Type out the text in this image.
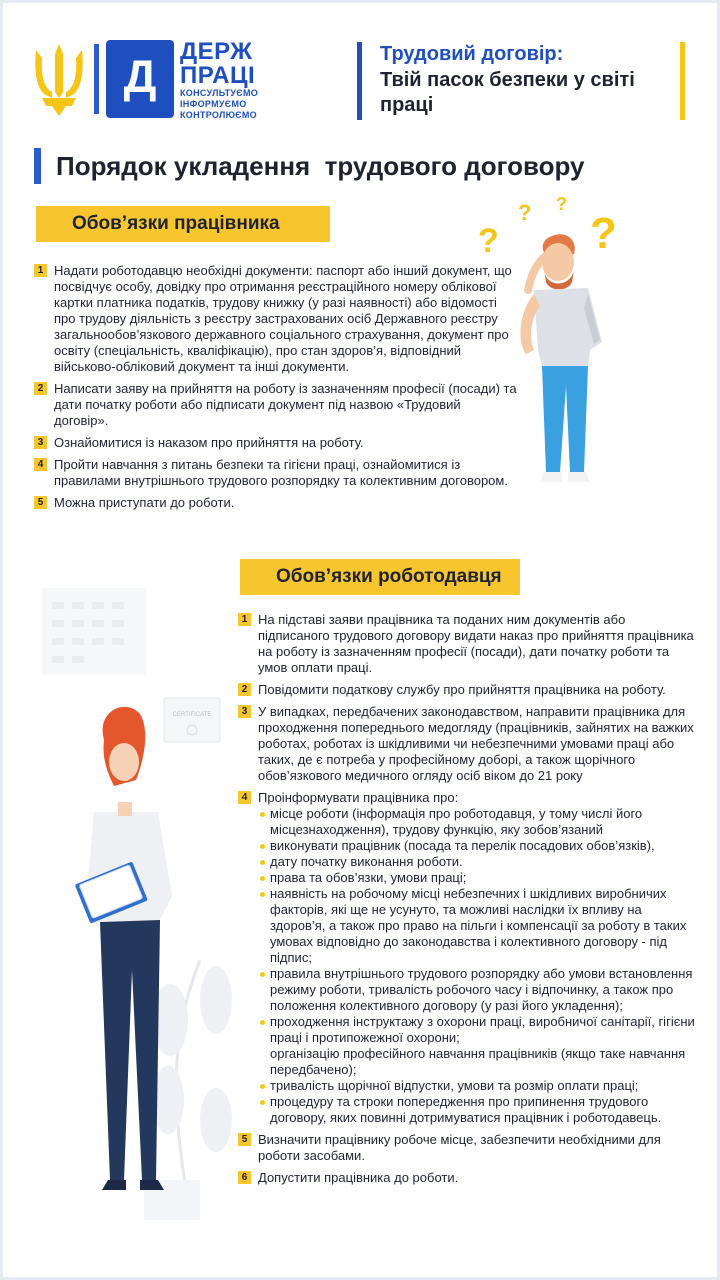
Д ДЕРЖ
ПРАЦІ
КОНСУЛЬТУЄМО
ІНФОРМУЄМО
КОНТРОЛЮЄМО
Трудовий договір:
Твій пасок безпеки у світі праці
Порядок укладення  трудового договору
Обов’язки працівника
1 Надати роботодавцю необхідні документи: паспорт або інший документ, що посвідчує особу, довідку про отримання реєстраційного номеру облікової картки платника податків, трудову книжку (у разі наявності) або відомості про трудову діяльність з реєстру застрахованих осіб Державного реєстру загальнообов’язкового державного соціального страхування, документ про освіту (спеціальність, кваліфікацію), про стан здоров’я, відповідний військово-обліковий документ та інші документи.
2 Написати заяву на прийняття на роботу із зазначенням професії (посади) та дати початку роботи або підписати документ під назвою «Трудовий договір».
3 Ознайомитися із наказом про прийняття на роботу.
4 Пройти навчання з питань безпеки та гігієни праці, ознайомитися із правилами внутрішнього трудового розпорядку та колективним договором.
5 Можна приступати до роботи.
?
? ?
?
Обов’язки роботодавця
CERTIFICATE
1 На підставі заяви працівника та поданих ним документів або підписаного трудового договору видати наказ про прийняття працівника на роботу із зазначенням професії (посади), дати початку роботи та умов оплати праці.
2 Повідомити податкову службу про прийняття працівника на роботу.
3 У випадках, передбачених законодавством, направити працівника для проходження попереднього медогляду (працівників, зайнятих на важких роботах, роботах із шкідливими чи небезпечними умовами праці або таких, де є потреба у професійному доборі, а також щорічного обов’язкового медичного огляду осіб віком до 21 року
4 Проінформувати працівника про:
місце роботи (інформація про роботодавця, у тому числі його місцезнаходження), трудову функцію, яку зобов’язаний
виконувати працівник (посада та перелік посадових обов’язків),
дату початку виконання роботи.
права та обов’язки, умови праці;
наявність на робочому місці небезпечних і шкідливих виробничих факторів, які ще не усунуто, та можливі наслідки їх впливу на здоров’я, а також про право на пільги і компенсації за роботу в таких умовах відповідно до законодавства і колективного договору - під підпис;
правила внутрішнього трудового розпорядку або умови встановлення режиму роботи, тривалість робочого часу і відпочинку, а також про положення колективного договору (у разі його укладення);
проходження інструктажу з охорони праці, виробничої санітарії, гігієни праці і протипожежної охорони;
організацію професійного навчання працівників (якщо таке навчання передбачено);
тривалість щорічної відпустки, умови та розмір оплати праці;
процедуру та строки попередження про припинення трудового договору, яких повинні дотримуватися працівник і роботодавець.
5 Визначити працівнику робоче місце, забезпечити необхідними для роботи засобами.
6 Допустити працівника до роботи.
